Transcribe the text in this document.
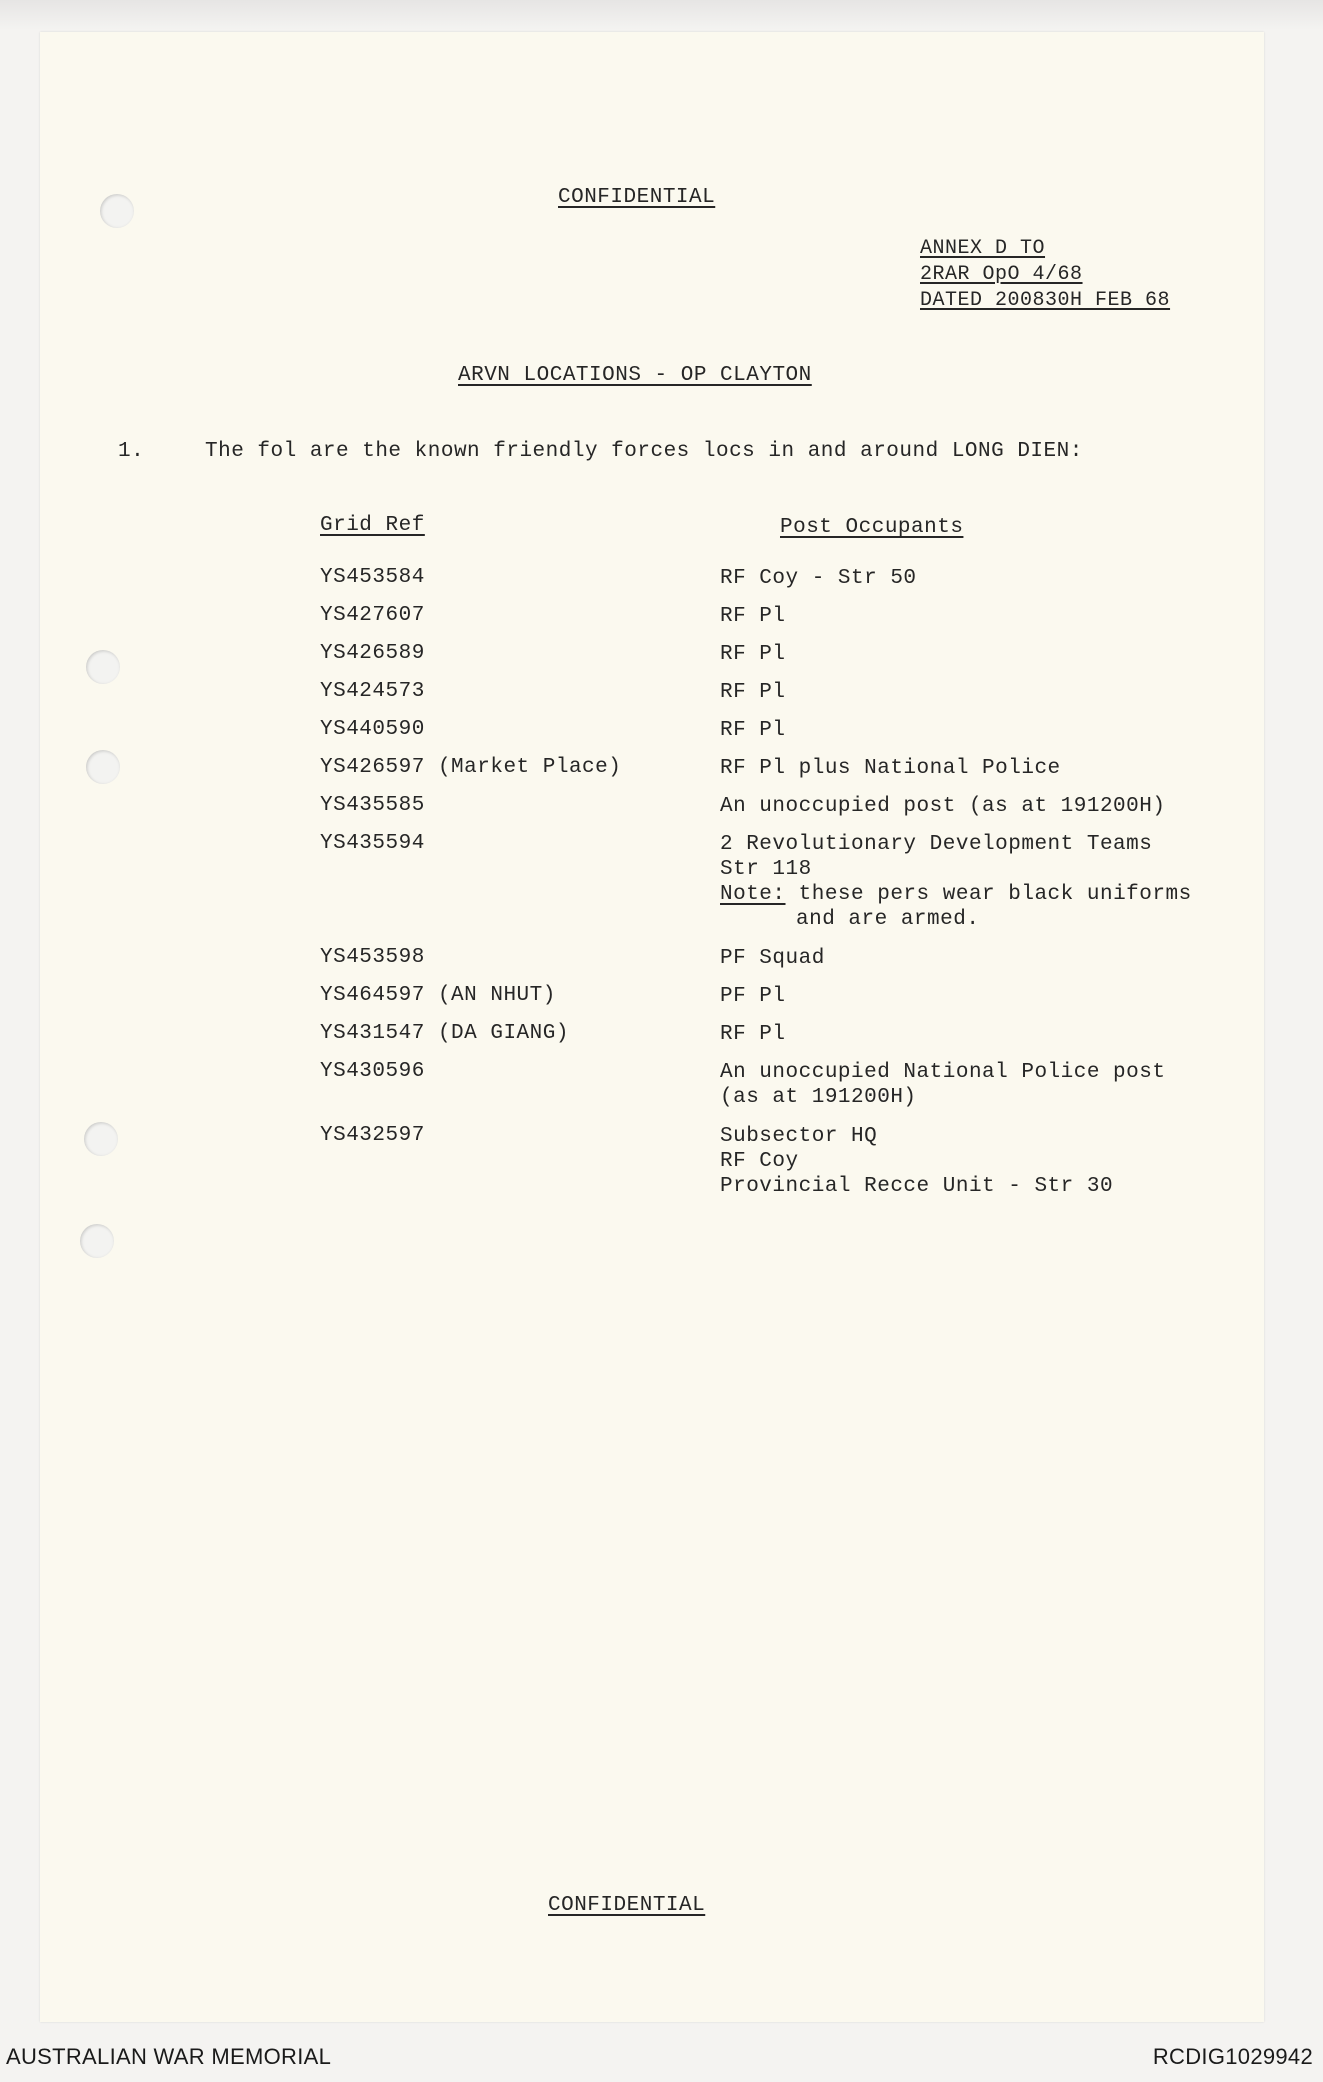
CONFIDENTIAL
ANNEX D TO
2RAR OpO 4/68
DATED 200830H FEB 68
ARVN LOCATIONS - OP CLAYTON
1.	The fol are the known friendly forces locs in and around LONG DIEN:
Grid Ref	Post Occupants
YS453584	RF Coy - Str 50
YS427607	RF Pl
YS426589	RF Pl
YS424573	RF Pl
YS440590	RF Pl
YS426597 (Market Place)	RF Pl plus National Police
YS435585	An unoccupied post (as at 191200H)
YS435594	2 Revolutionary Development Teams
Str 118
Note: these pers wear black uniforms
and are armed.
YS453598	PF Squad
YS464597 (AN NHUT)	PF Pl
YS431547 (DA GIANG)	RF Pl
YS430596	An unoccupied National Police post
(as at 191200H)
YS432597	Subsector HQ
RF Coy
Provincial Recce Unit - Str 30
CONFIDENTIAL
AUSTRALIAN WAR MEMORIAL	RCDIG1029942
